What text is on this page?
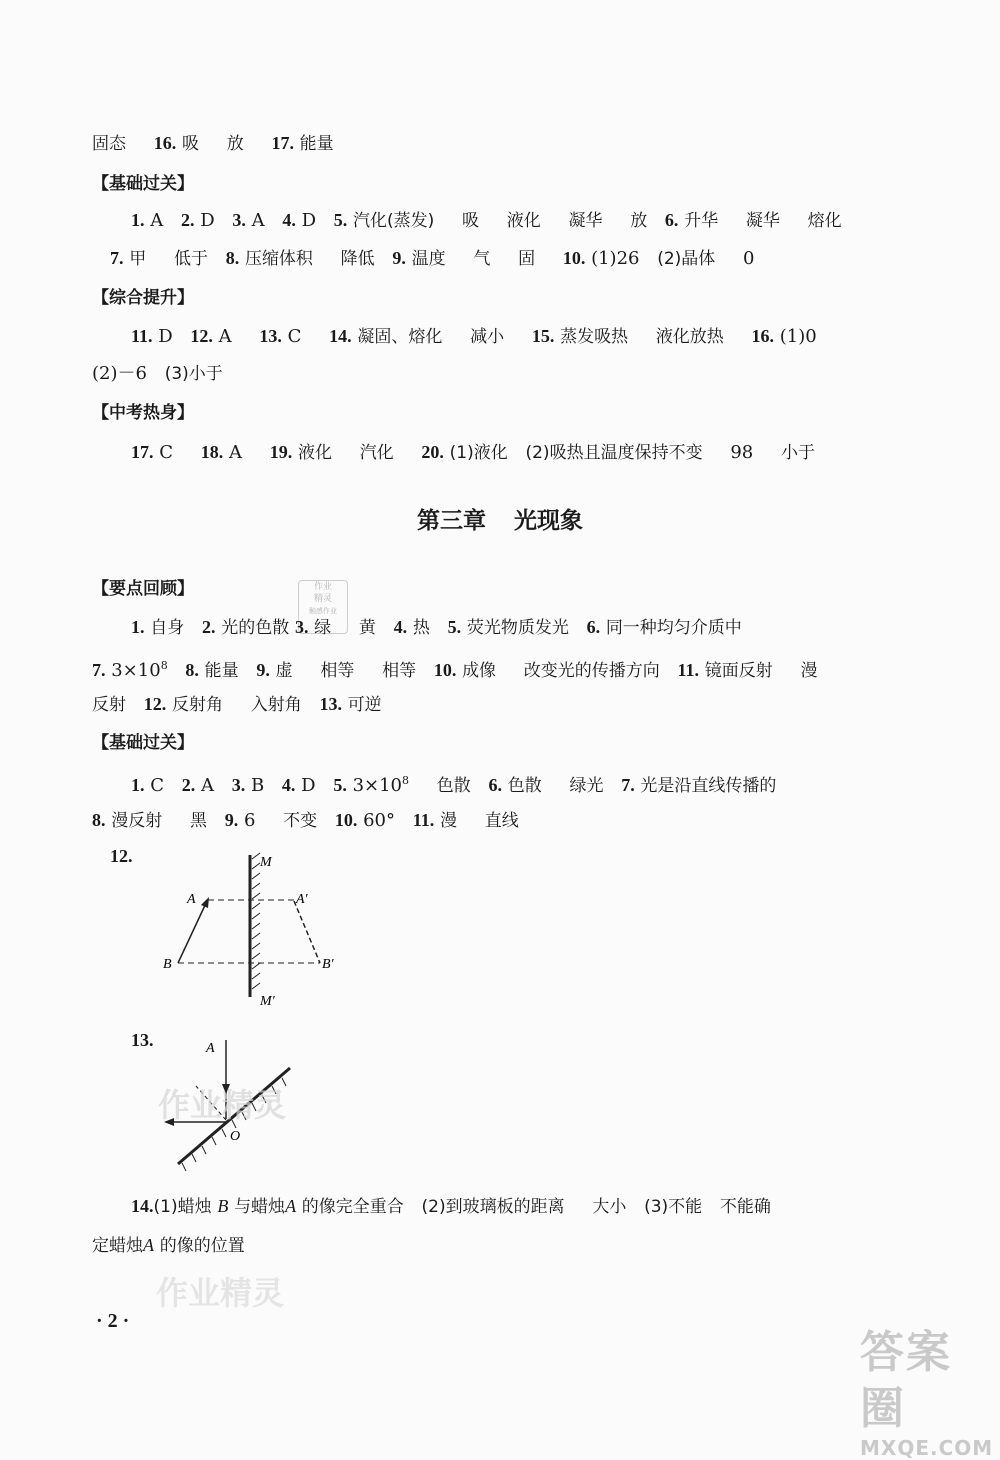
固态 16. 吸 放 17. 能量
【基础过关】
1. A 2. D 3. A 4. D 5. 汽化(蒸发) 吸 液化 凝华 放 6. 升华 凝华 熔化
7. 甲 低于 8. 压缩体积 降低 9. 温度 气 固 10. (1)26 (2)晶体 0
【综合提升】
11. D 12. A 13. C 14. 凝固、熔化 减小 15. 蒸发吸热 液化放热 16. (1)0
(2)－6 (3)小于
【中考热身】
17. C 18. A 19. 液化 汽化 20. (1)液化 (2)吸热且温度保持不变 98 小于
第三章 光现象
【要点回顾】	作业
精灵
触感作业
1. 自身 2. 光的色散 3. 绿 黄 4. 热 5. 荧光物质发光 6. 同一种均匀介质中
7. $3\times 10^8$ 8. 能量 9. 虚 相等 相等 10. 成像 改变光的传播方向 11. 镜面反射 漫
反射 12. 反射角 入射角 13. 可逆
【基础过关】
1. C 2. A 3. B 4. D 5. $3\times 10^8$ 色散 6. 色散 绿光 7. 光是沿直线传播的
8. 漫反射 黑 9. 6 不变 10. 60° 11. 漫 直线
12.	M
M′
A	A′
B	B′
13.	A
O
作业精灵
14.(1)蜡烛 B 与蜡烛A 的像完全重合 (2)到玻璃板的距离 大小 (3)不能 不能确
定蜡烛A 的像的位置
作业精灵
· 2 ·
答案圈
MXQE.COM
